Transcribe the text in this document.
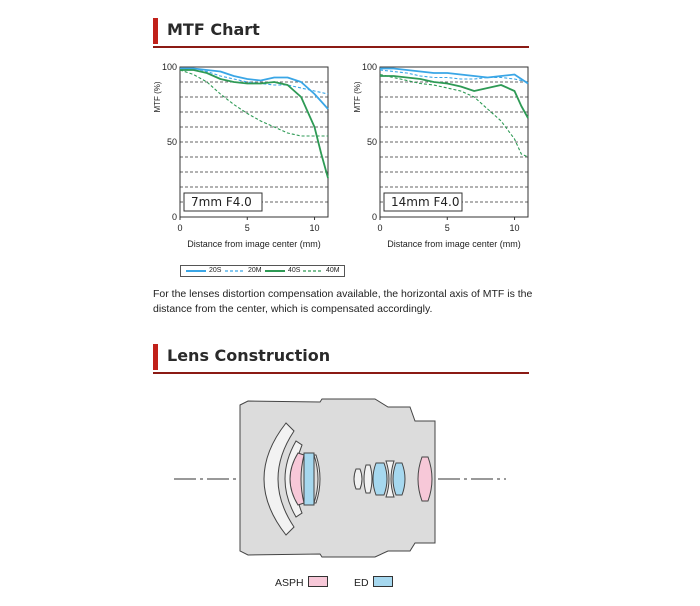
MTF Chart
100
50
0
0	5	10
Distance from image center (mm)
MTF (%)
7mm F4.0
100
50
0
0	5	10
Distance from image center (mm)
MTF (%)
14mm F4.0
20S	20M	40S	40M
For the lenses distortion compensation available, the horizontal axis of MTF is the distance from the center, which is compensated accordingly.
Lens Construction
ASPH	ED
